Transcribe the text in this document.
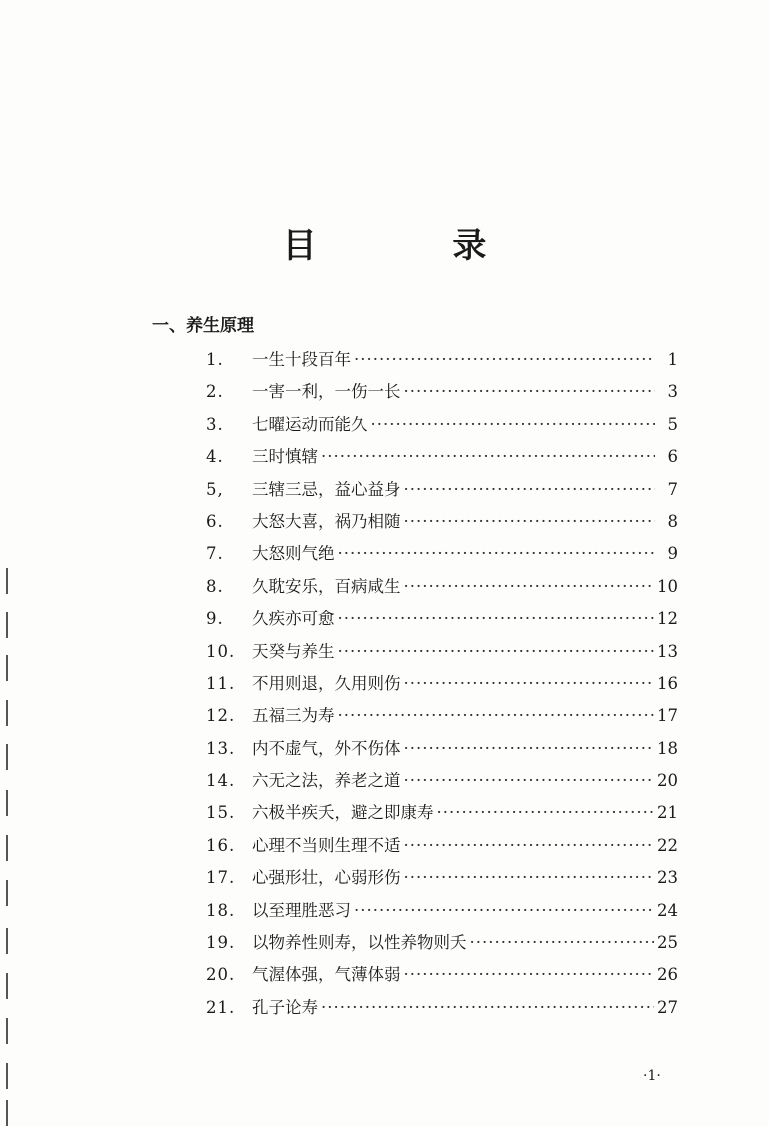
目 录
一、养生原理
1.	一生十段百年 ·····	1
2.	一害一利，一伤一长 ·····	3
3.	七曜运动而能久 ·····	5
4.	三时慎辖 ·····	6
5,	三辖三忌，益心益身 ·····	7
6.	大怒大喜，祸乃相随 ·····	8
7.	大怒则气绝 ·····	9
8.	久耽安乐，百病咸生 ·····	10
9.	久疾亦可愈 ·····	12
10.	天癸与养生 ·····	13
11.	不用则退，久用则伤 ·····	16
12.	五福三为寿 ·····	17
13.	内不虚气，外不伤体 ·····	18
14.	六无之法，养老之道 ·····	20
15.	六极半疾夭，避之即康寿 ·····	21
16.	心理不当则生理不适 ·····	22
17.	心强形壮，心弱形伤 ·····	23
18.	以至理胜恶习 ·····	24
19.	以物养性则寿，以性养物则夭 ·····	25
20.	气渥体强，气薄体弱 ·····	26
21.	孔子论寿 ·····	27
·1·
